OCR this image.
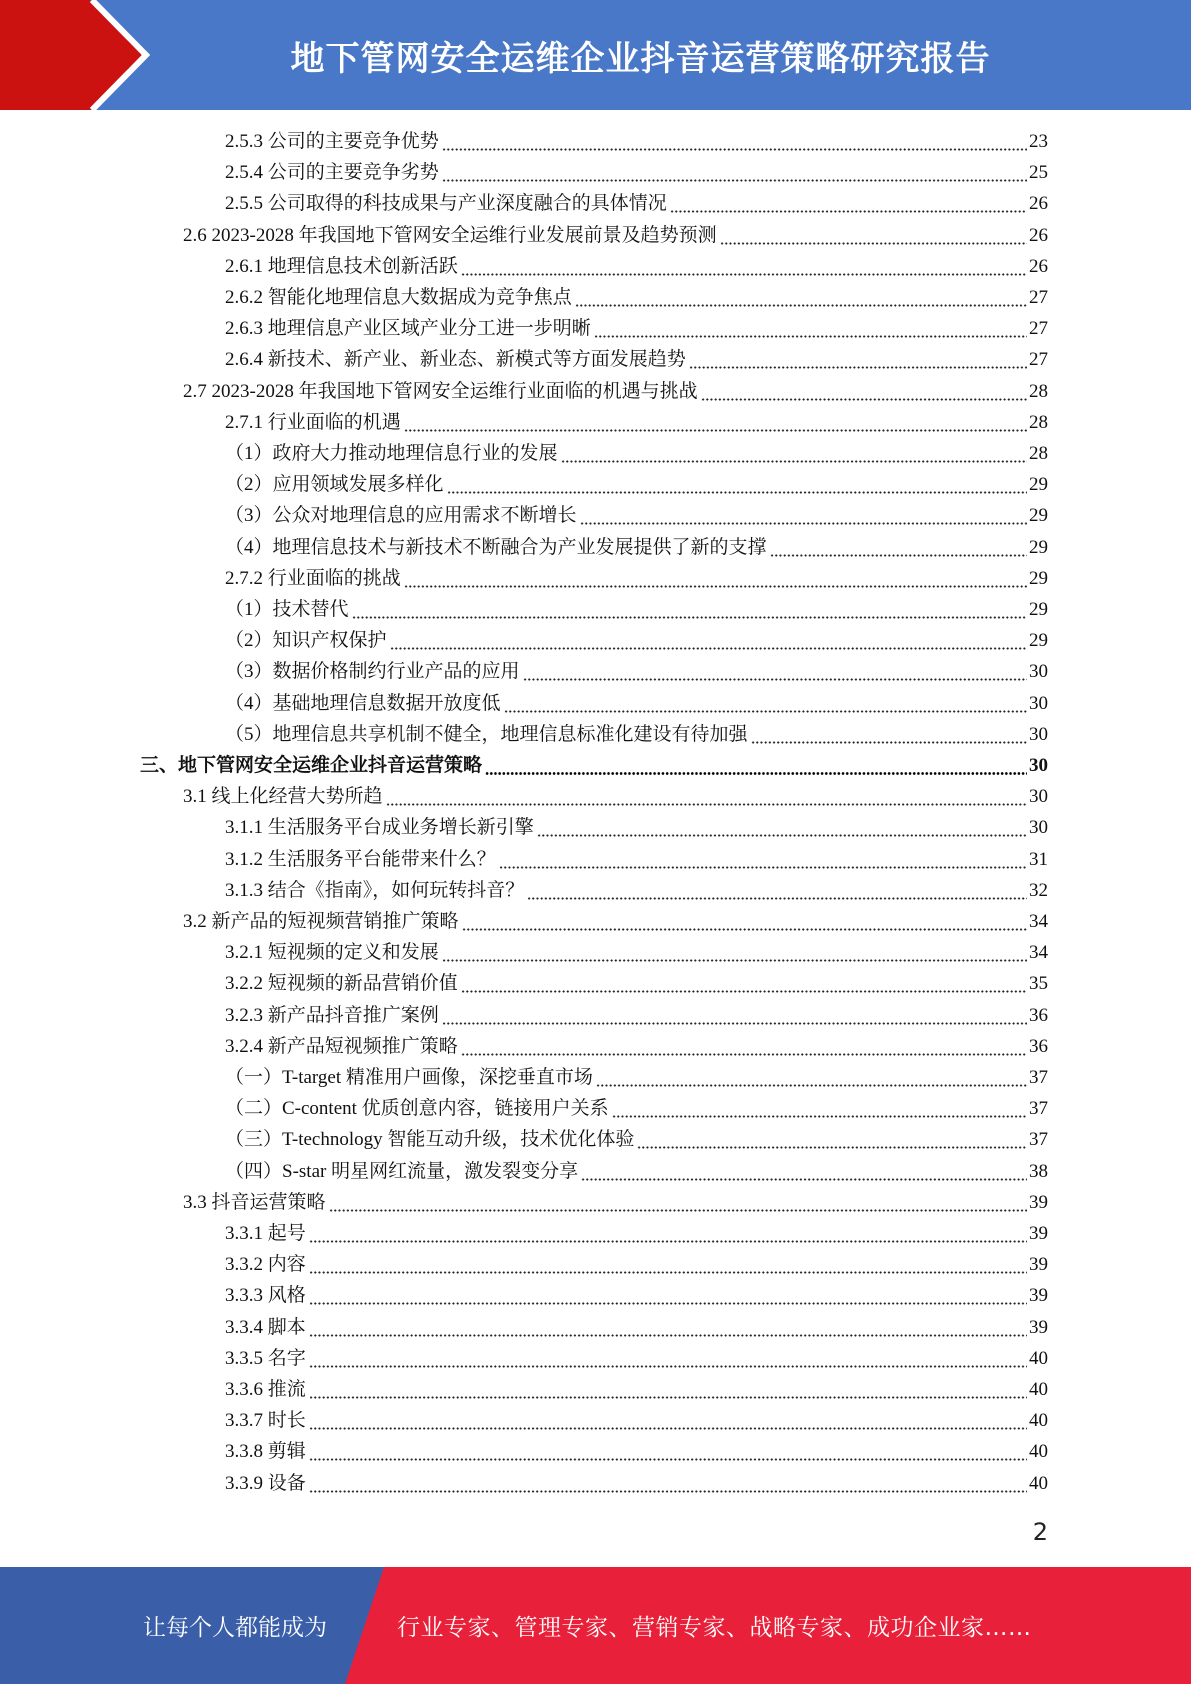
地下管网安全运维企业抖音运营策略研究报告
2.5.3 公司的主要竞争优势	23
2.5.4 公司的主要竞争劣势	25
2.5.5 公司取得的科技成果与产业深度融合的具体情况	26
2.6 2023-2028 年我国地下管网安全运维行业发展前景及趋势预测	26
2.6.1 地理信息技术创新活跃	26
2.6.2 智能化地理信息大数据成为竞争焦点	27
2.6.3 地理信息产业区域产业分工进一步明晰	27
2.6.4 新技术、新产业、新业态、新模式等方面发展趋势	27
2.7 2023-2028 年我国地下管网安全运维行业面临的机遇与挑战	28
2.7.1 行业面临的机遇	28
（1）政府大力推动地理信息行业的发展	28
（2）应用领域发展多样化	29
（3）公众对地理信息的应用需求不断增长	29
（4）地理信息技术与新技术不断融合为产业发展提供了新的支撑	29
2.7.2 行业面临的挑战	29
（1）技术替代	29
（2）知识产权保护	29
（3）数据价格制约行业产品的应用	30
（4）基础地理信息数据开放度低	30
（5）地理信息共享机制不健全，地理信息标准化建设有待加强	30
三、地下管网安全运维企业抖音运营策略	30
3.1 线上化经营大势所趋	30
3.1.1 生活服务平台成业务增长新引擎	30
3.1.2 生活服务平台能带来什么？	31
3.1.3 结合《指南》，如何玩转抖音？	32
3.2 新产品的短视频营销推广策略	34
3.2.1 短视频的定义和发展	34
3.2.2 短视频的新品营销价值	35
3.2.3 新产品抖音推广案例	36
3.2.4 新产品短视频推广策略	36
（一）T-target 精准用户画像，深挖垂直市场	37
（二）C-content 优质创意内容，链接用户关系	37
（三）T-technology 智能互动升级，技术优化体验	37
（四）S-star 明星网红流量，激发裂变分享	38
3.3 抖音运营策略	39
3.3.1 起号	39
3.3.2 内容	39
3.3.3 风格	39
3.3.4 脚本	39
3.3.5 名字	40
3.3.6 推流	40
3.3.7 时长	40
3.3.8 剪辑	40
3.3.9 设备	40
2
让每个人都能成为	行业专家、管理专家、营销专家、战略专家、成功企业家……
